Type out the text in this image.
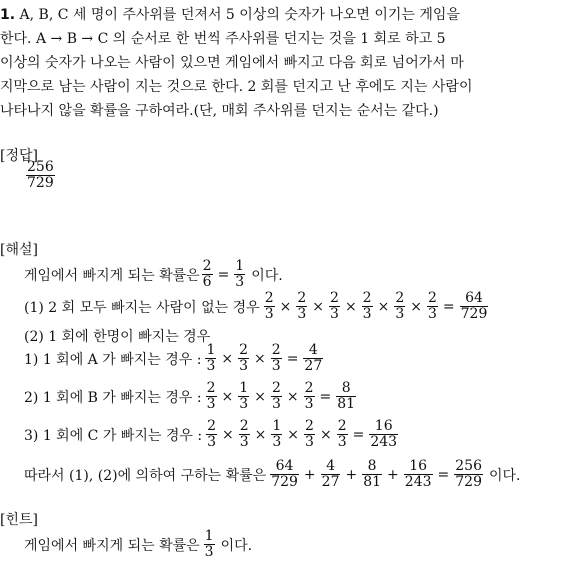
1. A, B, C 세 명이 주사위를 던져서 5 이상의 숫자가 나오면 이기는 게임을
한다. A → B → C 의 순서로 한 번씩 주사위를 던지는 것을 1 회로 하고 5
이상의 숫자가 나오는 사람이 있으면 게임에서 빠지고 다음 회로 넘어가서 마
지막으로 남는 사람이 지는 것으로 한다. 2 회를 던지고 난 후에도 지는 사람이
나타나지 않을 확률을 구하여라.(단, 매회 주사위를 던지는 순서는 같다.)
[정답]
$\frac{256}{729}$
[해설]
게임에서 빠지게 되는 확률은 $\frac{2}{6} = \frac{1}{3}$ 이다.
(1) 2 회 모두 빠지는 사람이 없는 경우 $\frac{2}{3} \times \frac{2}{3} \times \frac{2}{3} \times \frac{2}{3} \times \frac{2}{3} \times \frac{2}{3} = \frac{64}{729}$
(2) 1 회에 한명이 빠지는 경우
1) 1 회에 A 가 빠지는 경우 : $\frac{1}{3} \times \frac{2}{3} \times \frac{2}{3} = \frac{4}{27}$
2) 1 회에 B 가 빠지는 경우 : $\frac{2}{3} \times \frac{1}{3} \times \frac{2}{3} \times \frac{2}{3} = \frac{8}{81}$
3) 1 회에 C 가 빠지는 경우 : $\frac{2}{3} \times \frac{2}{3} \times \frac{1}{3} \times \frac{2}{3} \times \frac{2}{3} = \frac{16}{243}$
따라서 (1), (2)에 의하여 구하는 확률은 $\frac{64}{729} + \frac{4}{27} + \frac{8}{81} + \frac{16}{243} = \frac{256}{729}$ 이다.
[힌트]
게임에서 빠지게 되는 확률은 $\frac{1}{3}$ 이다.
